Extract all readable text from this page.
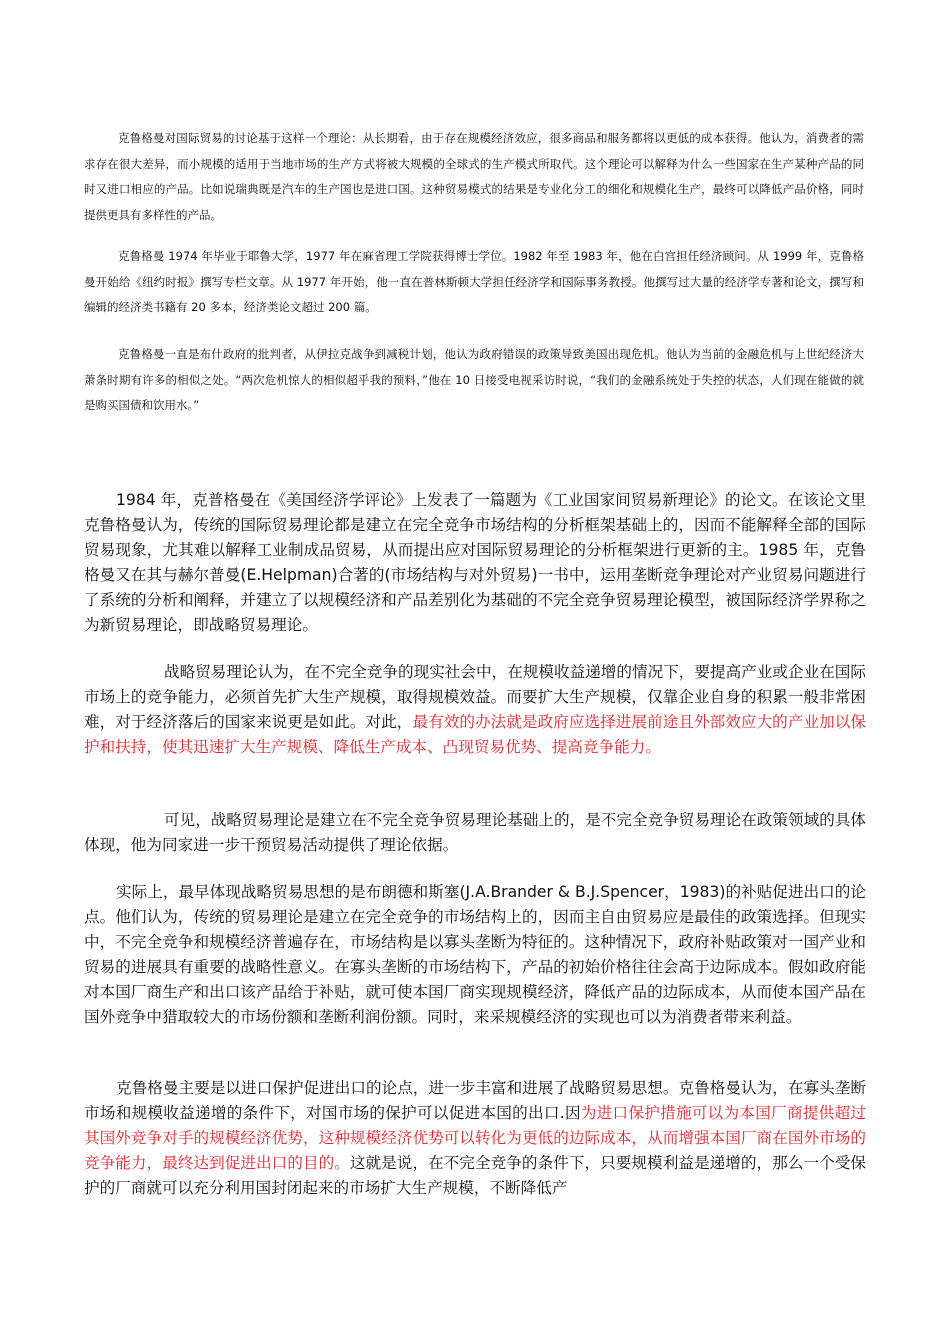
克鲁格曼对国际贸易的讨论基于这样一个理论：从长期看，由于存在规模经济效应，很多商品和服务都将以更低的成本获得。他认为，消费者的需求存在很大差异，而小规模的适用于当地市场的生产方式将被大规模的全球式的生产模式所取代。这个理论可以解释为什么一些国家在生产某种产品的同时又进口相应的产品。比如说瑞典既是汽车的生产国也是进口国。这种贸易模式的结果是专业化分工的细化和规模化生产，最终可以降低产品价格，同时提供更具有多样性的产品。
克鲁格曼 1974 年毕业于耶鲁大学，1977 年在麻省理工学院获得博士学位。1982 年至 1983 年，他在白宫担任经济顾问。从 1999 年，克鲁格曼开始给《纽约时报》撰写专栏文章。从 1977 年开始，他一直在普林斯顿大学担任经济学和国际事务教授。他撰写过大量的经济学专著和论文，撰写和编辑的经济类书籍有 20 多本，经济类论文超过 200 篇。
克鲁格曼一直是布什政府的批判者，从伊拉克战争到减税计划，他认为政府错误的政策导致美国出现危机。他认为当前的金融危机与上世纪经济大萧条时期有许多的相似之处。“两次危机惊人的相似超乎我的预料，”他在 10 日接受电视采访时说，“我们的金融系统处于失控的状态，人们现在能做的就是购买国债和饮用水。”
1984 年，克普格曼在《美国经济学评论》上发表了一篇题为《工业国家间贸易新理论》的论文。在该论文里克鲁格曼认为，传统的国际贸易理论都是建立在完全竞争市场结构的分析框架基础上的，因而不能解释全部的国际贸易现象，尤其难以解释工业制成品贸易，从而提出应对国际贸易理论的分析框架进行更新的主。1985 年，克鲁格曼又在其与赫尔普曼(E.Helpman)合著的(市场结构与对外贸易)一书中，运用垄断竞争理论对产业贸易问题进行了系统的分析和阐释，并建立了以规模经济和产品差别化为基础的不完全竞争贸易理论模型，被国际经济学界称之为新贸易理论，即战略贸易理论。
战略贸易理论认为，在不完全竞争的现实社会中，在规模收益递增的情况下，要提高产业或企业在国际市场上的竞争能力，必须首先扩大生产规模，取得规模效益。而要扩大生产规模，仅靠企业自身的积累一般非常困难，对于经济落后的国家来说更是如此。对此，最有效的办法就是政府应选择进展前途且外部效应大的产业加以保护和扶持，使其迅速扩大生产规模、降低生产成本、凸现贸易优势、提高竞争能力。
可见，战略贸易理论是建立在不完全竞争贸易理论基础上的，是不完全竞争贸易理论在政策领域的具体体现，他为同家进一步干预贸易活动提供了理论依据。
实际上，最早体现战略贸易思想的是布朗德和斯塞(J.A.Brander & B.J.Spencer，1983)的补贴促进出口的论点。他们认为，传统的贸易理论是建立在完全竞争的市场结构上的，因而主自由贸易应是最佳的政策选择。但现实中，不完全竞争和规模经济普遍存在，市场结构是以寡头垄断为特征的。这种情况下，政府补贴政策对一国产业和贸易的进展具有重要的战略性意义。在寡头垄断的市场结构下，产品的初始价格往往会高于边际成本。假如政府能对本国厂商生产和出口该产品给于补贴，就可使本国厂商实现规模经济，降低产品的边际成本，从而使本国产品在国外竞争中猎取较大的市场份额和垄断利润份额。同时，来采规模经济的实现也可以为消费者带来利益。
克鲁格曼主要是以进口保护促进出口的论点，进一步丰富和进展了战略贸易思想。克鲁格曼认为，在寡头垄断市场和规模收益递增的条件下，对国市场的保护可以促进本国的出口.因为进口保护措施可以为本国厂商提供超过其国外竞争对手的规模经济优势，这种规模经济优势可以转化为更低的边际成本，从而增强本国厂商在国外市场的竞争能力，最终达到促进出口的目的。这就是说，在不完全竞争的条件下，只要规模利益是递增的，那么一个受保护的厂商就可以充分利用国封闭起来的市场扩大生产规模，不断降低产
